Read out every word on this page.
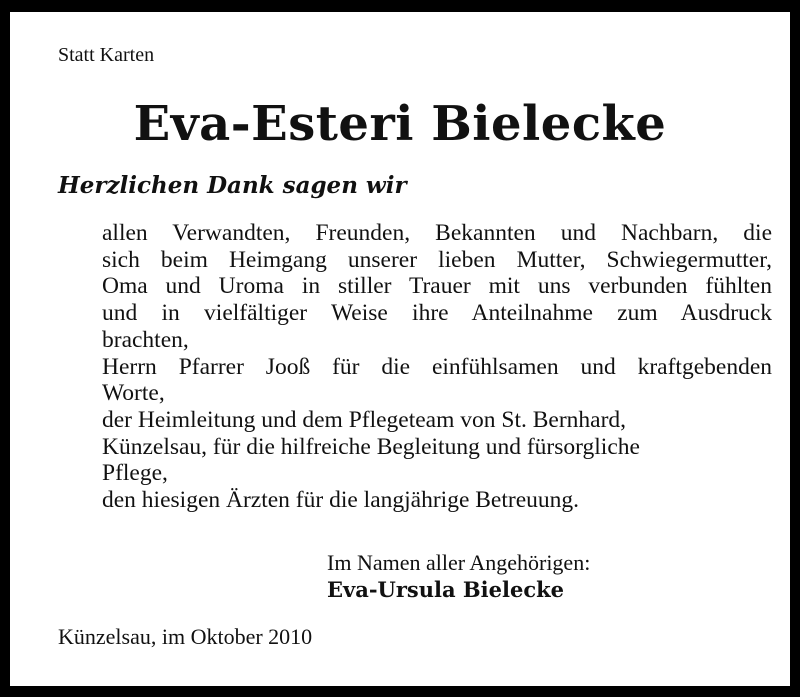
Statt Karten
Eva-Esteri Bielecke
Herzlichen Dank sagen wir
allen Verwandten, Freunden, Bekannten und Nachbarn, die
sich beim Heimgang unserer lieben Mutter, Schwiegermutter,
Oma und Uroma in stiller Trauer mit uns verbunden fühlten
und in vielfältiger Weise ihre Anteilnahme zum Ausdruck
brachten,
Herrn Pfarrer Jooß für die einfühlsamen und kraftgebenden
Worte,
der Heimleitung und dem Pflegeteam von St. Bernhard,
Künzelsau, für die hilfreiche Begleitung und fürsorgliche
Pflege,
den hiesigen Ärzten für die langjährige Betreuung.
Im Namen aller Angehörigen:
Eva-Ursula Bielecke
Künzelsau, im Oktober 2010
